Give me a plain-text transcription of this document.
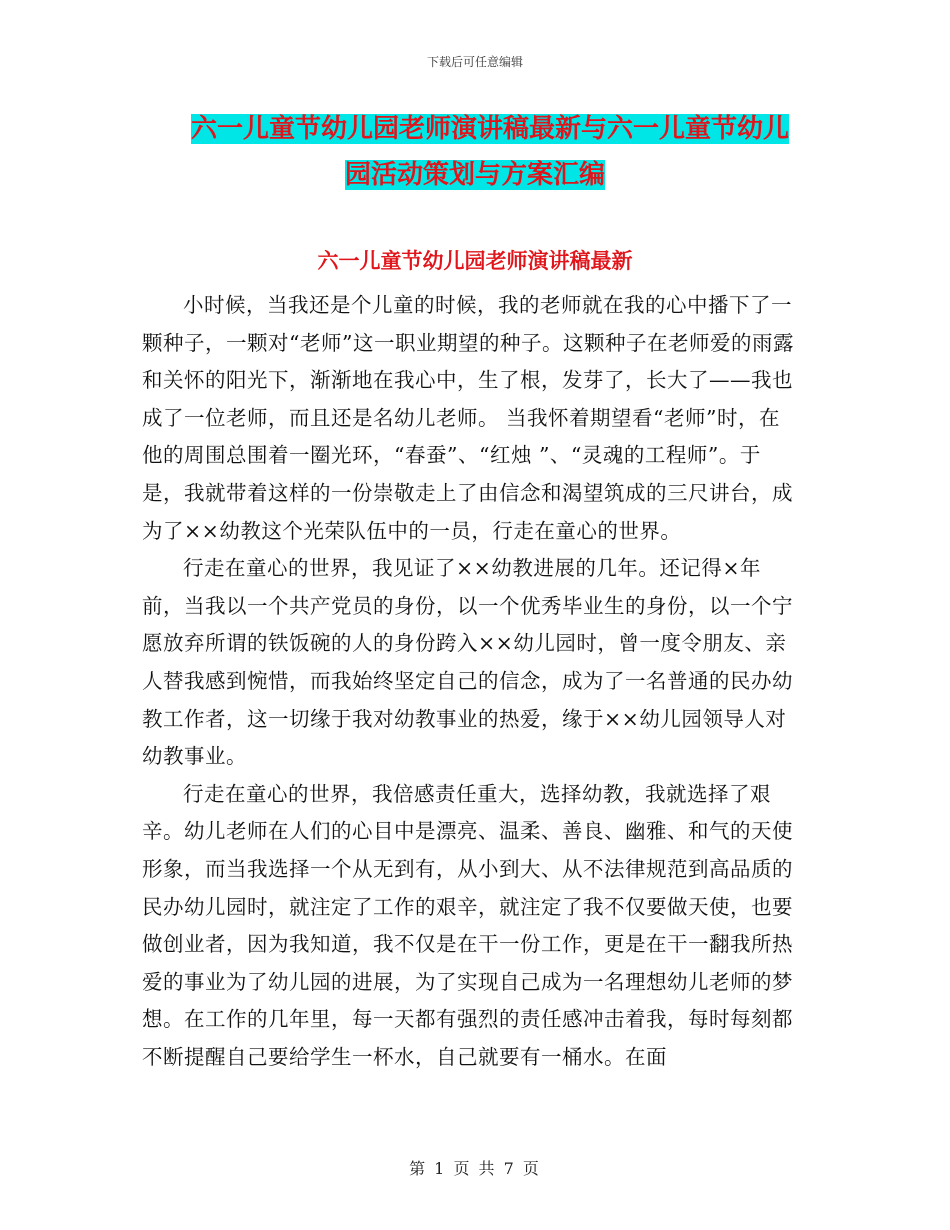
下载后可任意编辑
六一儿童节幼儿园老师演讲稿最新与六一儿童节幼儿
园活动策划与方案汇编
六一儿童节幼儿园老师演讲稿最新

小时候，当我还是个儿童的时候，我的老师就在我的心中播下了一颗种子，一颗对“老师”这一职业期望的种子。这颗种子在老师爱的雨露和关怀的阳光下，渐渐地在我心中，生了根，发芽了，长大了——我也成了一位老师，而且还是名幼儿老师。 当我怀着期望看“老师”时，在他的周围总围着一圈光环，“春蚕”、“红烛 ”、“灵魂的工程师”。于是，我就带着这样的一份崇敬走上了由信念和渴望筑成的三尺讲台，成为了××幼教这个光荣队伍中的一员，行走在童心的世界。

行走在童心的世界，我见证了××幼教进展的几年。还记得×年前，当我以一个共产党员的身份，以一个优秀毕业生的身份，以一个宁愿放弃所谓的铁饭碗的人的身份跨入××幼儿园时，曾一度令朋友、亲人替我感到惋惜，而我始终坚定自己的信念，成为了一名普通的民办幼教工作者，这一切缘于我对幼教事业的热爱，缘于××幼儿园领导人对幼教事业。

行走在童心的世界，我倍感责任重大，选择幼教，我就选择了艰辛。幼儿老师在人们的心目中是漂亮、温柔、善良、幽雅、和气的天使形象，而当我选择一个从无到有，从小到大、从不法律规范到高品质的民办幼儿园时，就注定了工作的艰辛，就注定了我不仅要做天使，也要做创业者，因为我知道，我不仅是在干一份工作，更是在干一翻我所热爱的事业为了幼儿园的进展，为了实现自己成为一名理想幼儿老师的梦想。在工作的几年里，每一天都有强烈的责任感冲击着我，每时每刻都不断提醒自己要给学生一杯水，自己就要有一桶水。在面

第 1 页 共 7 页
